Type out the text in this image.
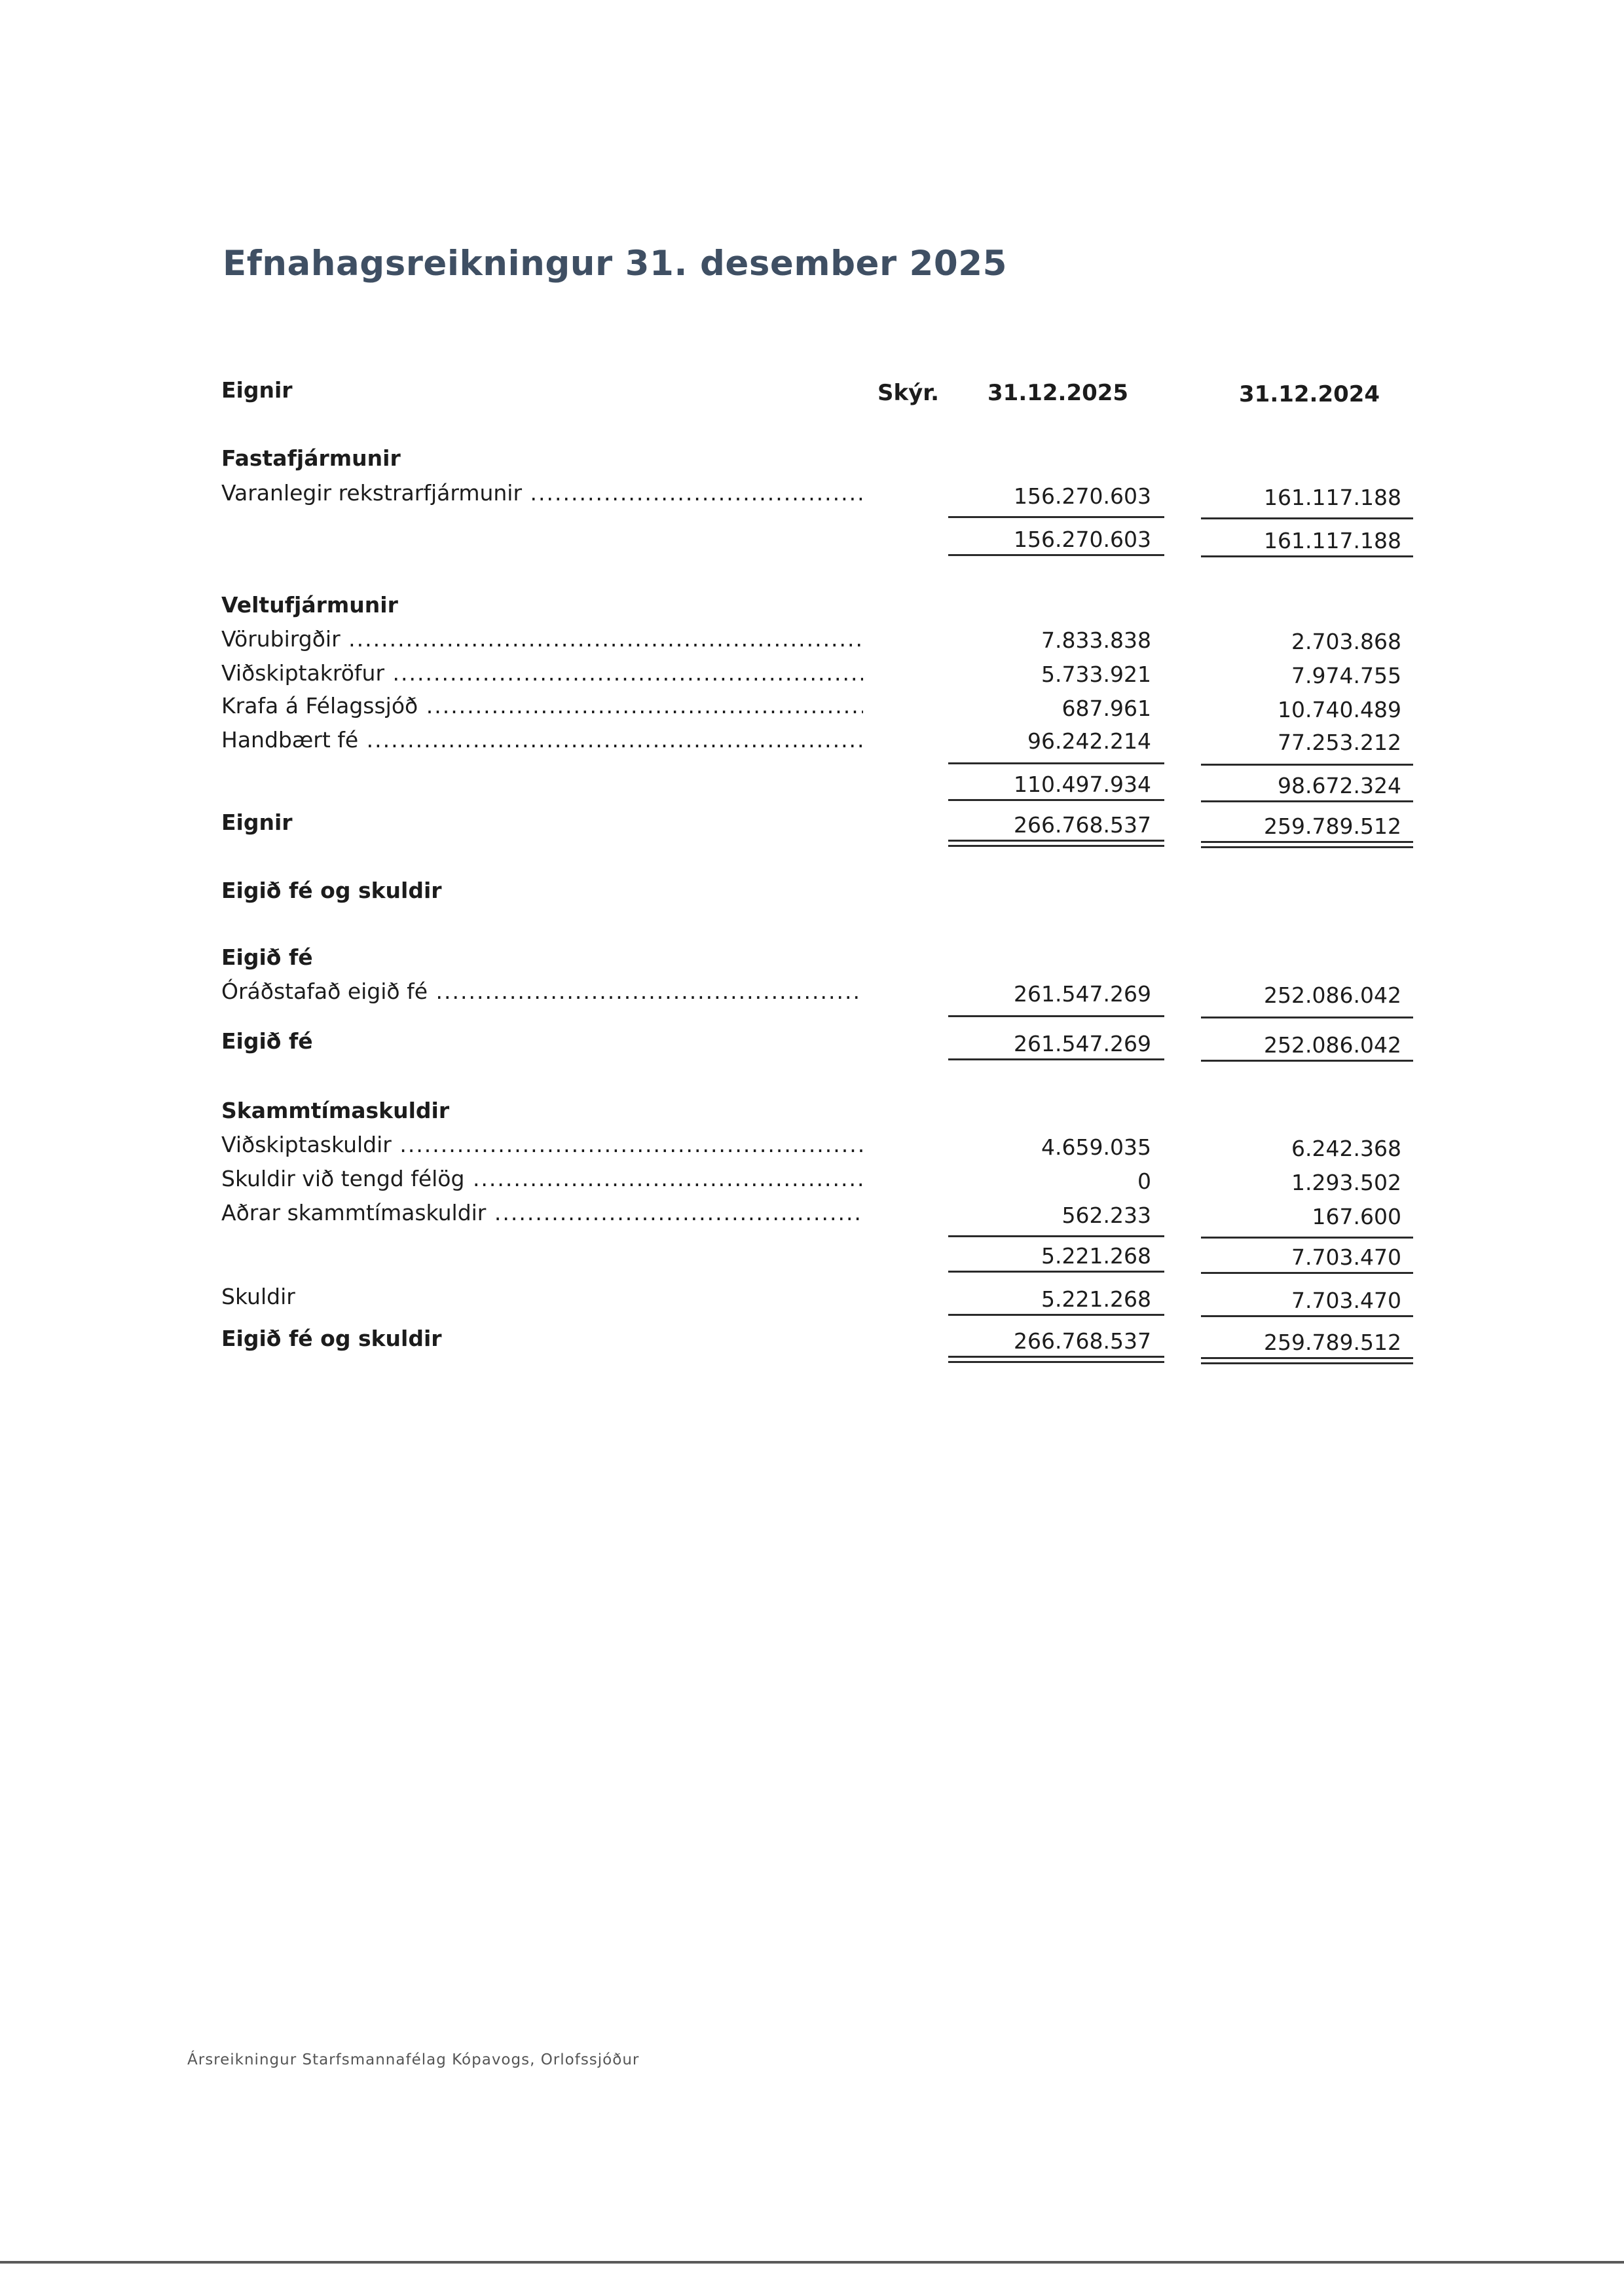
Efnahagsreikningur 31. desember 2025
Eignir	Skýr. 31.12.2025	31.12.2024
Fastafjármunir
Varanlegir rekstrarfjármunir .....	156.270.603	161.117.188
156.270.603	161.117.188
Veltufjármunir
Vörubirgðir .....	7.833.838	2.703.868
Viðskiptakröfur .....	5.733.921	7.974.755
Krafa á Félagssjóð .....	687.961	10.740.489
Handbært fé .....	96.242.214	77.253.212
110.497.934	98.672.324
Eignir	266.768.537	259.789.512
Eigið fé og skuldir
Eigið fé
Óráðstafað eigið fé .....	261.547.269	252.086.042
Eigið fé	261.547.269	252.086.042
Skammtímaskuldir
Viðskiptaskuldir .....	4.659.035	6.242.368
Skuldir við tengd félög .....	0	1.293.502
Aðrar skammtímaskuldir .....	562.233	167.600
5.221.268	7.703.470
Skuldir	5.221.268	7.703.470
Eigið fé og skuldir	266.768.537	259.789.512
Ársreikningur Starfsmannafélag Kópavogs, Orlofssjóður
